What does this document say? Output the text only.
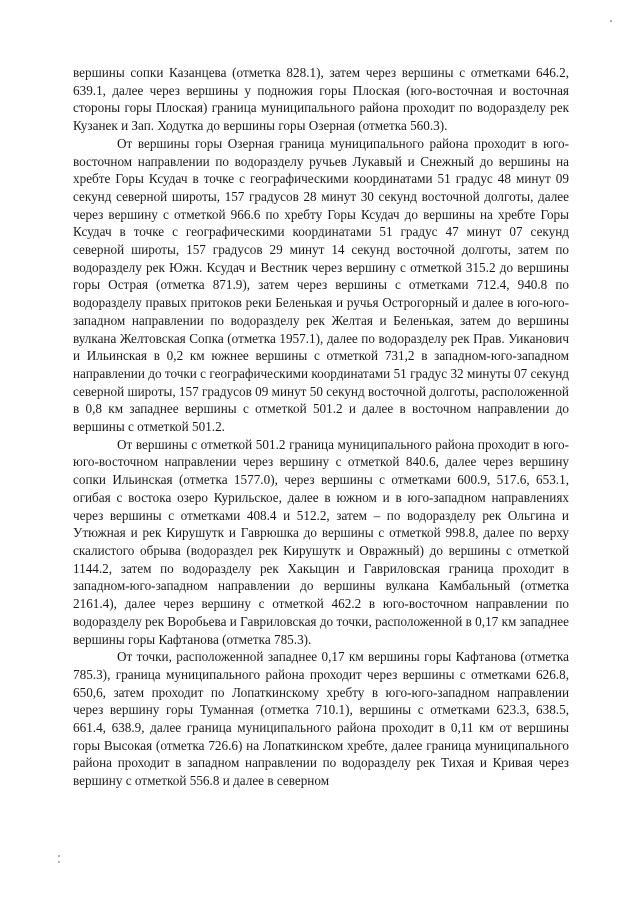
вершины сопки Казанцева (отметка 828.1), затем через вершины с отметками 646.2, 639.1, далее через вершины у подножия горы Плоская (юго-восточная и восточная стороны горы Плоская) граница муниципального района проходит по водоразделу рек Кузанек и Зап. Ходутка до вершины горы Озерная (отметка 560.3).

От вершины горы Озерная граница муниципального района проходит в юго-восточном направлении по водоразделу ручьев Лукавый и Снежный до вершины на хребте Горы Ксудач в точке с географическими координатами 51 градус 48 минут 09 секунд северной широты, 157 градусов 28 минут 30 секунд восточной долготы, далее через вершину с отметкой 966.6 по хребту Горы Ксудач до вершины на хребте Горы Ксудач в точке с географическими координатами 51 градус 47 минут 07 секунд северной широты, 157 градусов 29 минут 14 секунд восточной долготы, затем по водоразделу рек Южн. Ксудач и Вестник через вершину с отметкой 315.2 до вершины горы Острая (отметка 871.9), затем через вершины с отметками 712.4, 940.8 по водоразделу правых притоков реки Беленькая и ручья Острогорный и далее в юго-юго-западном направлении по водоразделу рек Желтая и Беленькая, затем до вершины вулкана Желтовская Сопка (отметка 1957.1), далее по водоразделу рек Прав. Уиканович и Ильинская в 0,2 км южнее вершины с отметкой 731,2 в западном-юго-западном направлении до точки с географическими координатами 51 градус 32 минуты 07 секунд северной широты, 157 градусов 09 минут 50 секунд восточной долготы, расположенной в 0,8 км западнее вершины с отметкой 501.2 и далее в восточном направлении до вершины с отметкой 501.2.

От вершины с отметкой 501.2 граница муниципального района проходит в юго-юго-восточном направлении через вершину с отметкой 840.6, далее через вершину сопки Ильинская (отметка 1577.0), через вершины с отметками 600.9, 517.6, 653.1, огибая с востока озеро Курильское, далее в южном и в юго-западном направлениях через вершины с отметками 408.4 и 512.2, затем – по водоразделу рек Ольгина и Утюжная и рек Кирушутк и Гаврюшка до вершины с отметкой 998.8, далее по верху скалистого обрыва (водораздел рек Кирушутк и Овражный) до вершины с отметкой 1144.2, затем по водоразделу рек Хакыцин и Гавриловская граница проходит в западном-юго-западном направлении до вершины вулкана Камбальный (отметка 2161.4), далее через вершину с отметкой 462.2 в юго-восточном направлении по водоразделу рек Воробьева и Гавриловская до точки, расположенной в 0,17 км западнее вершины горы Кафтанова (отметка 785.3).

От точки, расположенной западнее 0,17 км вершины горы Кафтанова (отметка 785.3), граница муниципального района проходит через вершины с отметками 626.8, 650,6, затем проходит по Лопаткинскому хребту в юго-юго-западном направлении через вершину горы Туманная (отметка 710.1), вершины с отметками 623.3, 638.5, 661.4, 638.9, далее граница муниципального района проходит в 0,11 км от вершины горы Высокая (отметка 726.6) на Лопаткинском хребте, далее граница муниципального района проходит в западном направлении по водоразделу рек Тихая и Кривая через вершину с отметкой 556.8 и далее в северном
